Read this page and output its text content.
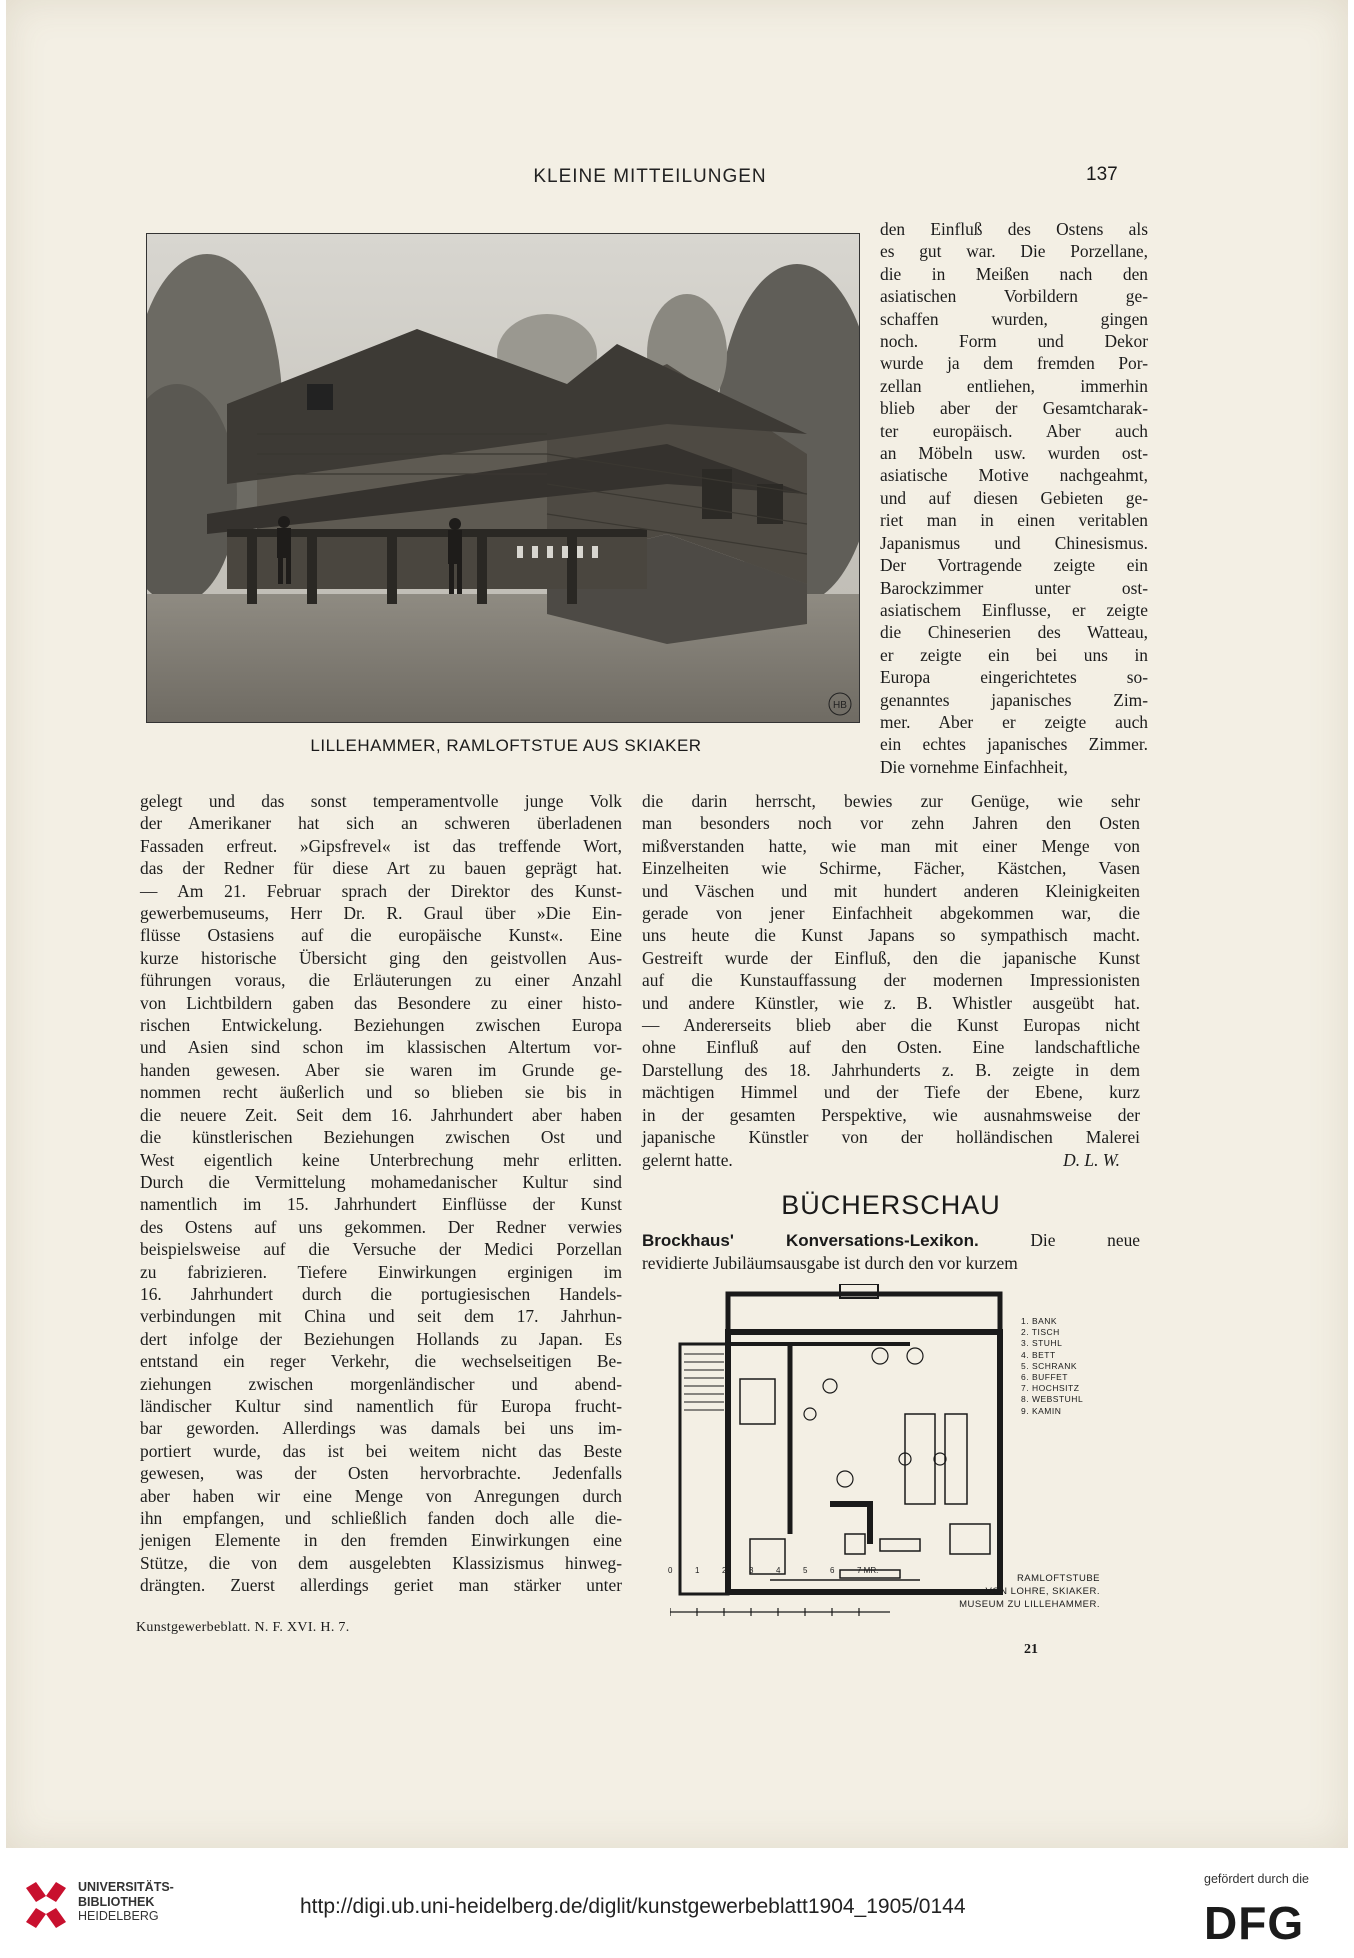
KLEINE MITTEILUNGEN	137
HB
LILLEHAMMER, RAMLOFTSTUE AUS SKIAKER
den Einfluß des Ostens als
es gut war. Die Porzellane,
die in Meißen nach den
asiatischen Vorbildern ge-
schaffen wurden, gingen
noch. Form und Dekor
wurde ja dem fremden Por-
zellan entliehen, immerhin
blieb aber der Gesamtcharak-
ter europäisch. Aber auch
an Möbeln usw. wurden ost-
asiatische Motive nachgeahmt,
und auf diesen Gebieten ge-
riet man in einen veritablen
Japanismus und Chinesismus.
Der Vortragende zeigte ein
Barockzimmer unter ost-
asiatischem Einflusse, er zeigte
die Chineserien des Watteau,
er zeigte ein bei uns in
Europa eingerichtetes so-
genanntes japanisches Zim-
mer. Aber er zeigte auch
ein echtes japanisches Zimmer.
Die vornehme Einfachheit,
gelegt und das sonst temperamentvolle junge Volk
der Amerikaner hat sich an schweren überladenen
Fassaden erfreut. »Gipsfrevel« ist das treffende Wort,
das der Redner für diese Art zu bauen geprägt hat.
— Am 21. Februar sprach der Direktor des Kunst-
gewerbemuseums, Herr Dr. R. Graul über »Die Ein-
flüsse Ostasiens auf die europäische Kunst«. Eine
kurze historische Übersicht ging den geistvollen Aus-
führungen voraus, die Erläuterungen zu einer Anzahl
von Lichtbildern gaben das Besondere zu einer histo-
rischen Entwickelung. Beziehungen zwischen Europa
und Asien sind schon im klassischen Altertum vor-
handen gewesen. Aber sie waren im Grunde ge-
nommen recht äußerlich und so blieben sie bis in
die neuere Zeit. Seit dem 16. Jahrhundert aber haben
die künstlerischen Beziehungen zwischen Ost und
West eigentlich keine Unterbrechung mehr erlitten.
Durch die Vermittelung mohamedanischer Kultur sind
namentlich im 15. Jahrhundert Einflüsse der Kunst
des Ostens auf uns gekommen. Der Redner verwies
beispielsweise auf die Versuche der Medici Porzellan
zu fabrizieren. Tiefere Einwirkungen erginigen im
16. Jahrhundert durch die portugiesischen Handels-
verbindungen mit China und seit dem 17. Jahrhun-
dert infolge der Beziehungen Hollands zu Japan. Es
entstand ein reger Verkehr, die wechselseitigen Be-
ziehungen zwischen morgenländischer und abend-
ländischer Kultur sind namentlich für Europa frucht-
bar geworden. Allerdings was damals bei uns im-
portiert wurde, das ist bei weitem nicht das Beste
gewesen, was der Osten hervorbrachte. Jedenfalls
aber haben wir eine Menge von Anregungen durch
ihn empfangen, und schließlich fanden doch alle die-
jenigen Elemente in den fremden Einwirkungen eine
Stütze, die von dem ausgelebten Klassizismus hinweg-
drängten. Zuerst allerdings geriet man stärker unter
die darin herrscht, bewies zur Genüge, wie sehr
man besonders noch vor zehn Jahren den Osten
mißverstanden hatte, wie man mit einer Menge von
Einzelheiten wie Schirme, Fächer, Kästchen, Vasen
und Väschen und mit hundert anderen Kleinigkeiten
gerade von jener Einfachheit abgekommen war, die
uns heute die Kunst Japans so sympathisch macht.
Gestreift wurde der Einfluß, den die japanische Kunst
auf die Kunstauffassung der modernen Impressionisten
und andere Künstler, wie z. B. Whistler ausgeübt hat.
— Andererseits blieb aber die Kunst Europas nicht
ohne Einfluß auf den Osten. Eine landschaftliche
Darstellung des 18. Jahrhunderts z. B. zeigte in dem
mächtigen Himmel und der Tiefe der Ebene, kurz
in der gesamten Perspektive, wie ausnahmsweise der
japanische Künstler von der holländischen Malerei
gelernt hatte.	D. L. W.
BÜCHERSCHAU
Brockhaus' Konversations-Lexikon.	Die neue
revidierte Jubiläumsausgabe ist durch den vor kurzem
1. BANK
2. TISCH
3. STUHL
4. BETT
5. SCHRANK
6. BUFFET
7. HOCHSITZ
8. WEBSTUHL
9. KAMIN
RAMLOFTSTUBE
VON LOHRE, SKIAKER.
MUSEUM ZU LILLEHAMMER.
0	1	2	3	4	5	6	7 MR.
Kunstgewerbeblatt. N. F. XVI. H. 7.
21
UNIVERSITÄTS-
BIBLIOTHEK
HEIDELBERG	http://digi.ub.uni-heidelberg.de/diglit/kunstgewerbeblatt1904_1905/0144
gefördert durch die
DFG
